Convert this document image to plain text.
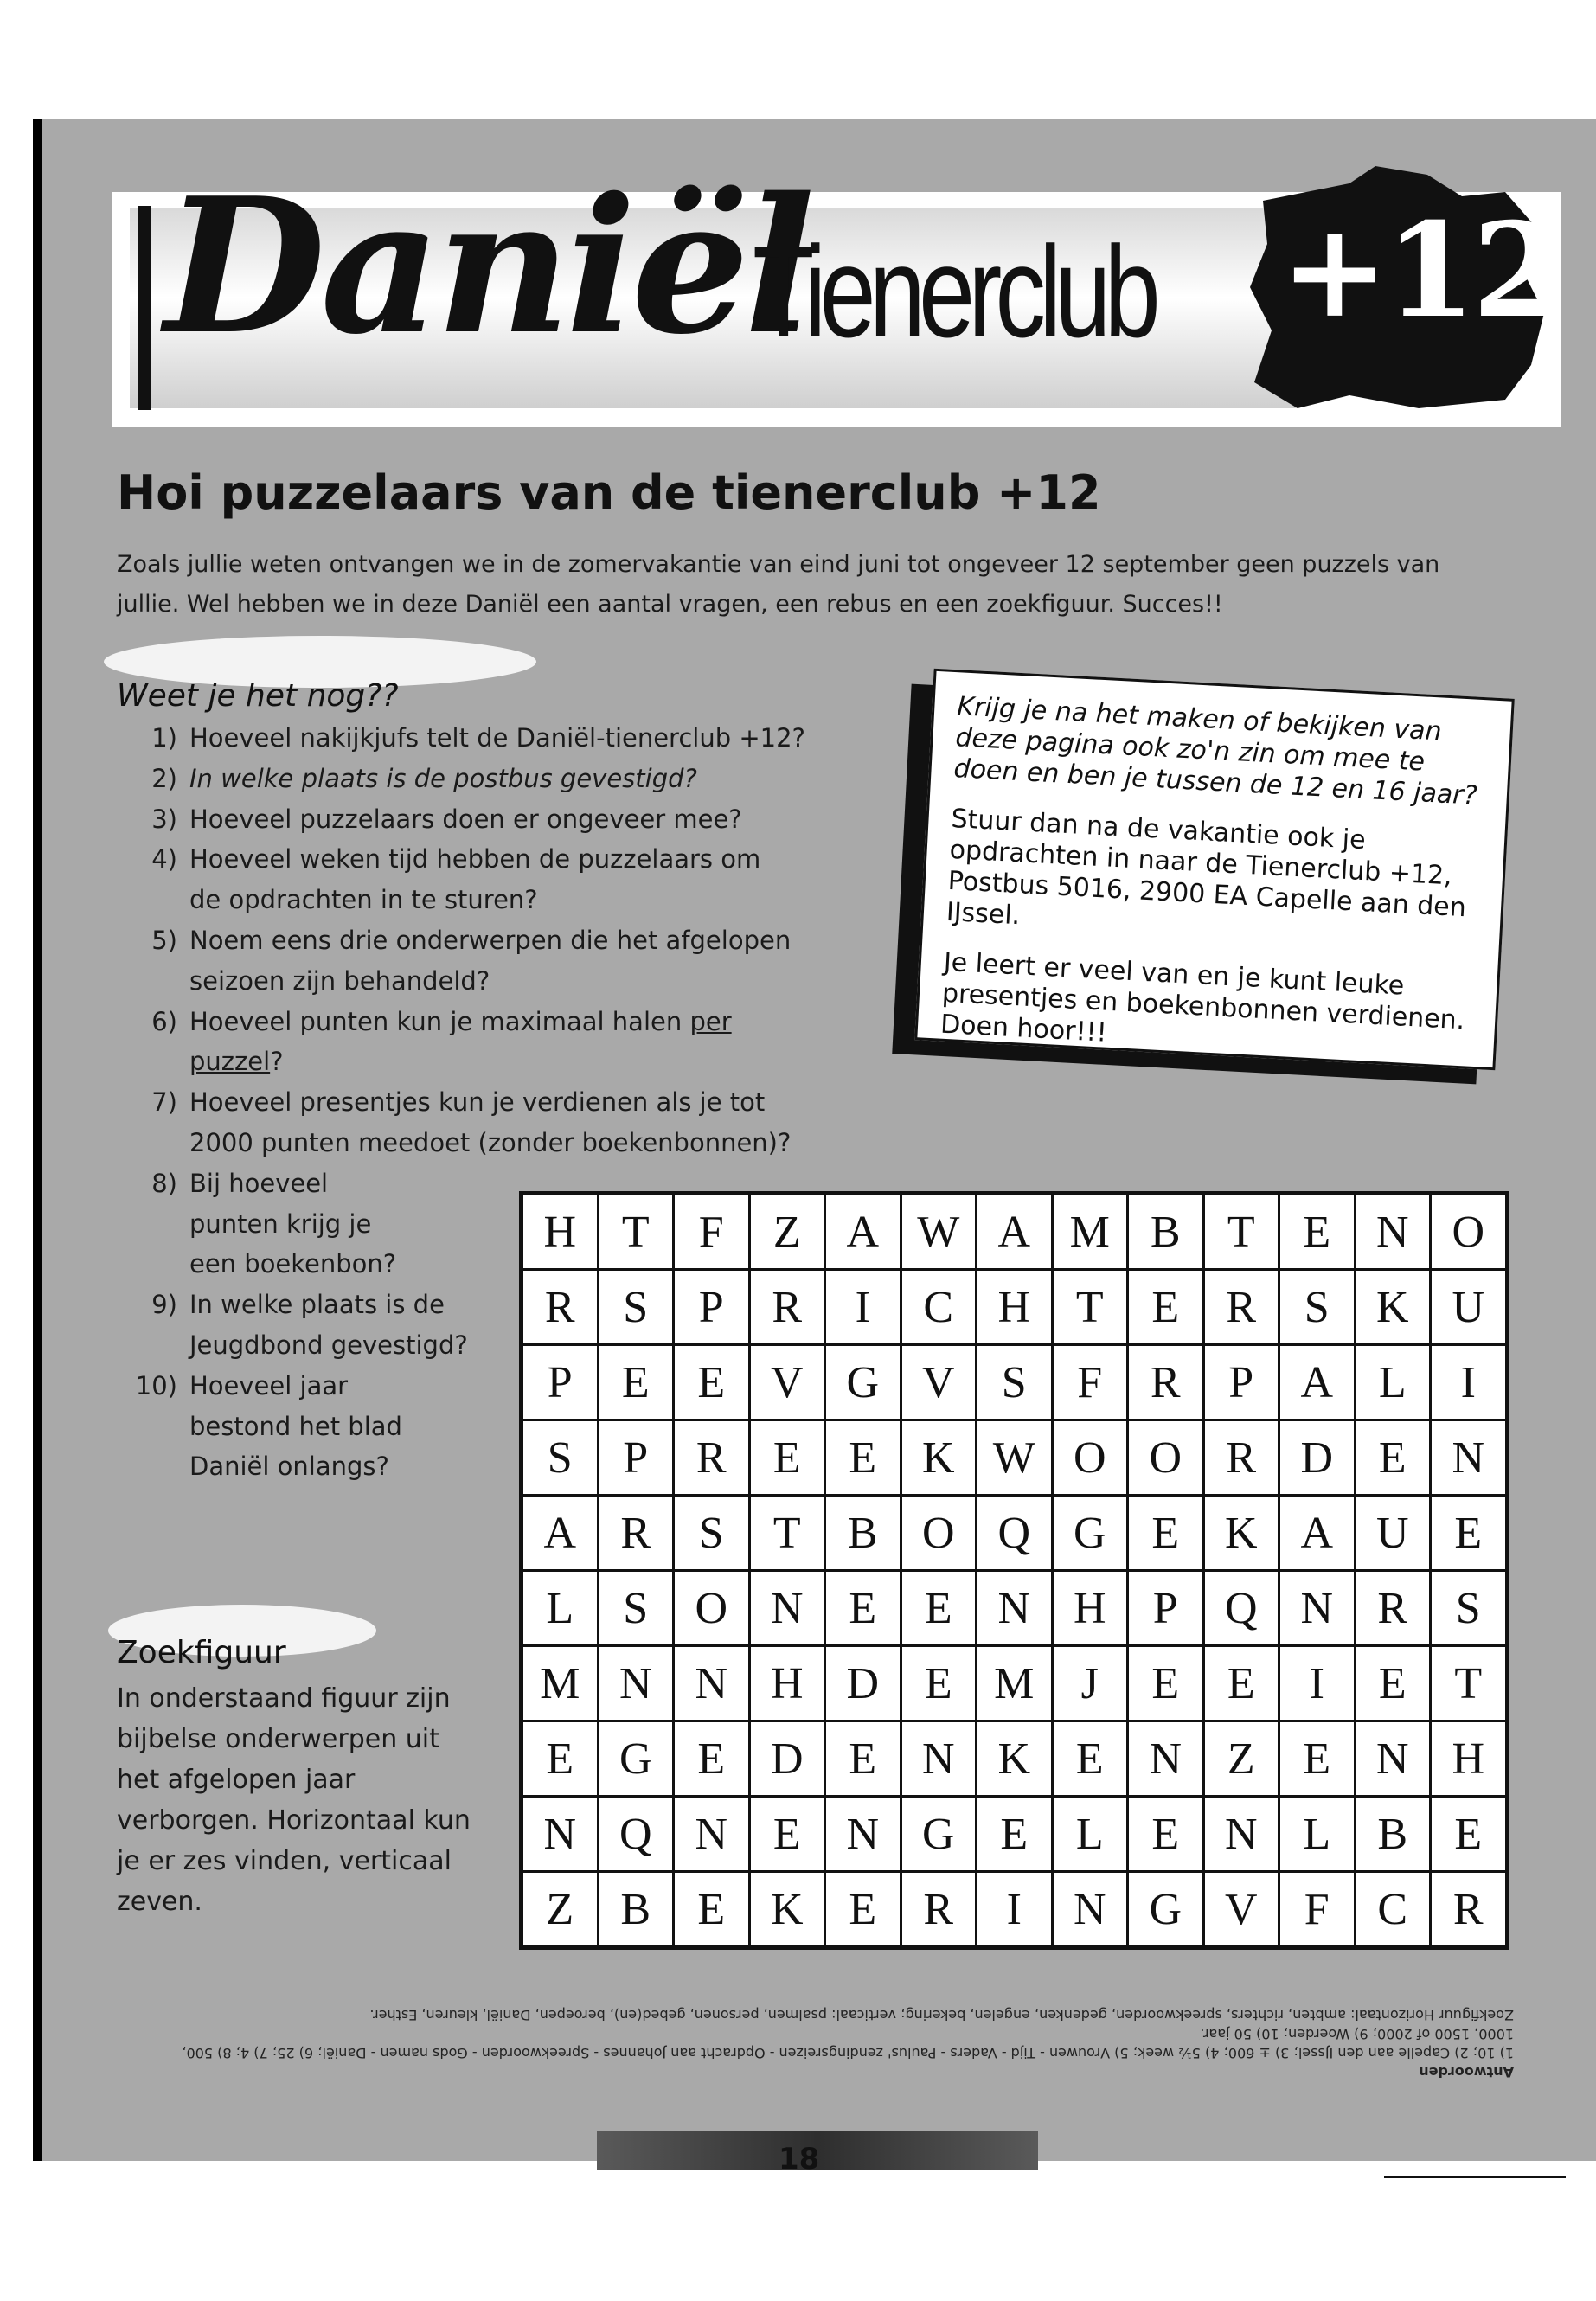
Daniël
Tienerclub +12
Hoi puzzelaars van de tienerclub +12
Zoals jullie weten ontvangen we in de zomervakantie van eind juni tot ongeveer 12 september geen puzzels van jullie. Wel hebben we in deze Daniël een aantal vragen, een rebus en een zoekfiguur. Succes!!
Weet je het nog??
1) Hoeveel nakijkjufs telt de Daniël-tienerclub +12?
2) In welke plaats is de postbus gevestigd?
3) Hoeveel puzzelaars doen er ongeveer mee?
4) Hoeveel weken tijd hebben de puzzelaars om de opdrachten in te sturen?
5) Noem eens drie onderwerpen die het afgelopen seizoen zijn behandeld?
6) Hoeveel punten kun je maximaal halen per puzzel?
7) Hoeveel presentjes kun je verdienen als je tot 2000 punten meedoet (zonder boekenbonnen)?
8) Bij hoeveel punten krijg je een boekenbon?
9) In welke plaats is de Jeugdbond gevestigd?
10) Hoeveel jaar bestond het blad Daniël onlangs?

Krijg je na het maken of bekijken van deze pagina ook zo'n zin om mee te doen en ben je tussen de 12 en 16 jaar?

Stuur dan na de vakantie ook je opdrachten in naar de Tienerclub +12, Postbus 5016, 2900 EA Capelle aan den IJssel.

Je leert er veel van en je kunt leuke presentjes en boekenbonnen verdienen. Doen hoor!!!

Zoekfiguur
In onderstaand figuur zijn bijbelse onderwerpen uit het afgelopen jaar verborgen. Horizontaal kun je er zes vinden, verticaal zeven.
H	T	F	Z	A	W	A	M	B	T	E	N	O
R	S	P	R	I	C	H	T	E	R	S	K	U
P	E	E	V	G	V	S	F	R	P	A	L	I
S	P	R	E	E	K	W	O	O	R	D	E	N
A	R	S	T	B	O	Q	G	E	K	A	U	E
L	S	O	N	E	E	N	H	P	Q	N	R	S
M	N	N	H	D	E	M	J	E	E	I	E	T
E	G	E	D	E	N	K	E	N	Z	E	N	H
N	Q	N	E	N	G	E	L	E	N	L	B	E
Z	B	E	K	E	R	I	N	G	V	F	C	R
Antwoorden
1) 10; 2) Capelle aan den IJssel; 3) ± 600; 4) 5½ week; 5) Vrouwen - Tijd - Vaders - Paulus' zendingsreizen - Opdracht aan Johannes - Spreekwoorden - Gods namen - Daniël; 6) 25; 7) 4; 8) 500,
1000, 1500 of 2000; 9) Woerden; 10) 50 jaar.
Zoekfiguur Horizontaal: ambten, richters, spreekwoorden, gedenken, engelen, bekering; verticaal: psalmen, personen, gebed(en), beroepen, Daniël, kleuren, Esther.
18
